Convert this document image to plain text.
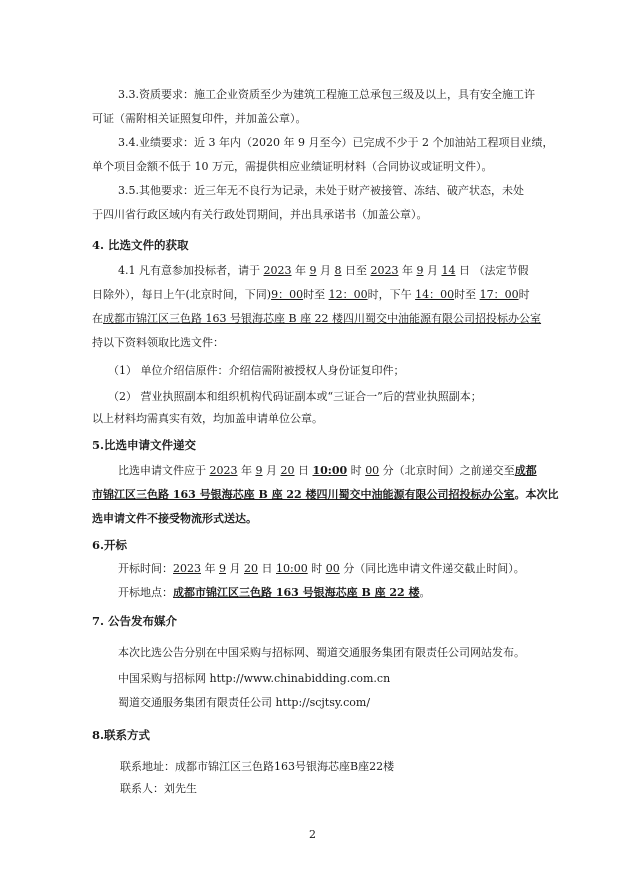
3.3.资质要求：施工企业资质至少为建筑工程施工总承包三级及以上，具有安全施工许
可证（需附相关证照复印件，并加盖公章）。
3.4.业绩要求：近 3 年内（2020 年 9 月至今）已完成不少于 2 个加油站工程项目业绩，
单个项目金额不低于 10 万元，需提供相应业绩证明材料（合同协议或证明文件）。
3.5.其他要求：近三年无不良行为记录，未处于财产被接管、冻结、破产状态，未处
于四川省行政区域内有关行政处罚期间，并出具承诺书（加盖公章）。
4. 比选文件的获取
4.1 凡有意参加投标者，请于 2023 年 9 月 8 日至 2023 年 9 月 14 日 （法定节假
日除外），每日上午(北京时间，下同)9：00时至 12：00时，下午 14：00时至 17：00时
在成都市锦江区三色路 163 号银海芯座 B 座 22 楼四川蜀交中油能源有限公司招投标办公室
持以下资料领取比选文件：
（1） 单位介绍信原件：介绍信需附被授权人身份证复印件；
（2） 营业执照副本和组织机构代码证副本或“三证合一”后的营业执照副本；
以上材料均需真实有效，均加盖申请单位公章。
5.比选申请文件递交
比选申请文件应于 2023 年 9 月 20 日 10:00 时 00 分（北京时间）之前递交至成都
市锦江区三色路 163 号银海芯座 B 座 22 楼四川蜀交中油能源有限公司招投标办公室。本次比
选申请文件不接受物流形式送达。
6.开标
开标时间：2023 年 9 月 20 日 10:00 时 00 分（同比选申请文件递交截止时间）。
开标地点：成都市锦江区三色路 163 号银海芯座 B 座 22 楼。
7. 公告发布媒介
本次比选公告分别在中国采购与招标网、蜀道交通服务集团有限责任公司网站发布。
中国采购与招标网 http://www.chinabidding.com.cn
蜀道交通服务集团有限责任公司 http://scjtsy.com/
8.联系方式
联系地址：成都市锦江区三色路163号银海芯座B座22楼
联系人：刘先生
2
